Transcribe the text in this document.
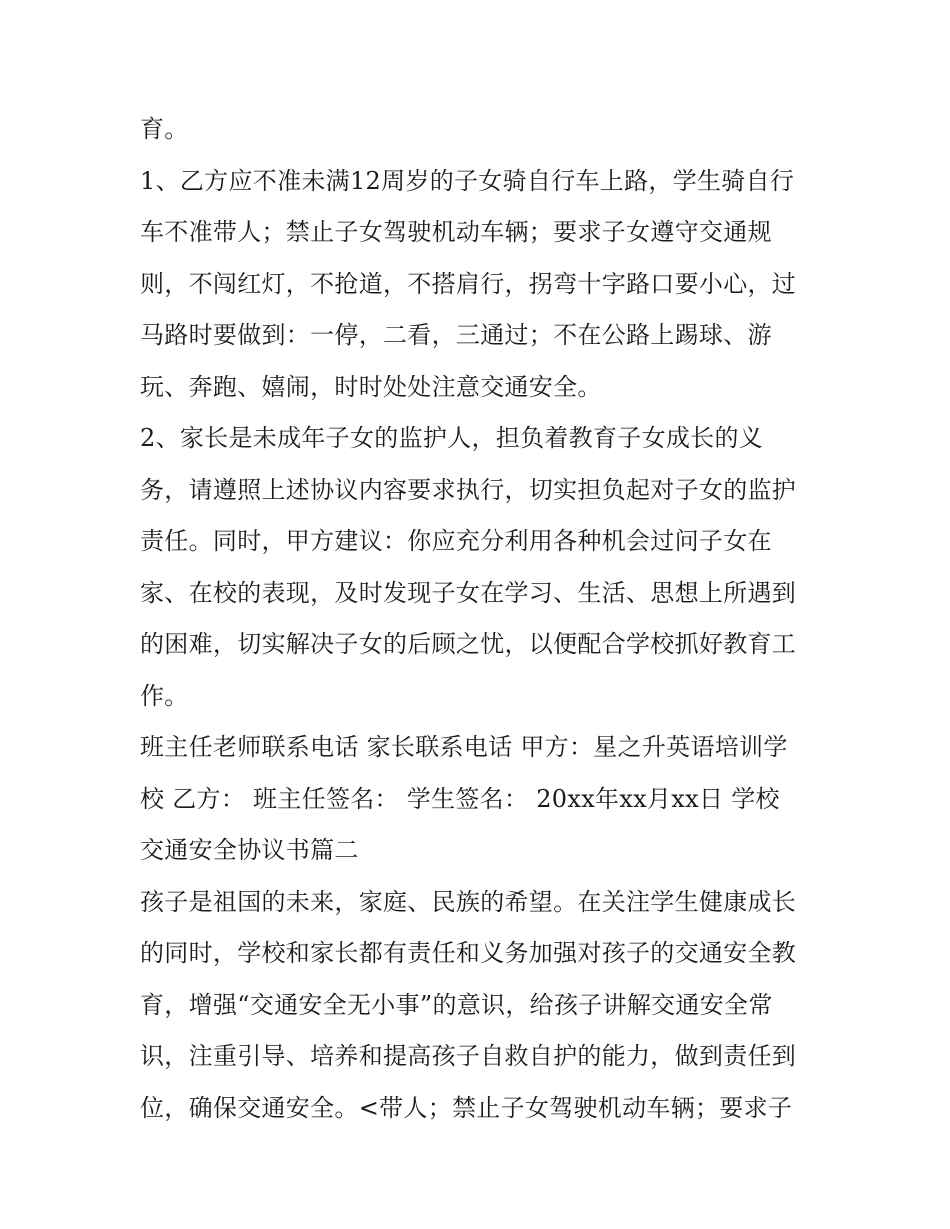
育。
1、乙方应不准未满12周岁的子女骑自行车上路，学生骑自行
车不准带人；禁止子女驾驶机动车辆；要求子女遵守交通规
则，不闯红灯，不抢道，不搭肩行，拐弯十字路口要小心，过
马路时要做到：一停，二看，三通过；不在公路上踢球、游
玩、奔跑、嬉闹，时时处处注意交通安全。
2、家长是未成年子女的监护人，担负着教育子女成长的义
务，请遵照上述协议内容要求执行，切实担负起对子女的监护
责任。同时，甲方建议：你应充分利用各种机会过问子女在
家、在校的表现，及时发现子女在学习、生活、思想上所遇到
的困难，切实解决子女的后顾之忧，以便配合学校抓好教育工
作。
班主任老师联系电话 家长联系电话 甲方：星之升英语培训学
校 乙方： 班主任签名： 学生签名： 20xx年xx月xx日 学校
交通安全协议书篇二
孩子是祖国的未来，家庭、民族的希望。在关注学生健康成长
的同时，学校和家长都有责任和义务加强对孩子的交通安全教
育，增强“交通安全无小事”的意识，给孩子讲解交通安全常
识，注重引导、培养和提高孩子自救自护的能力，做到责任到
位，确保交通安全。<带人；禁止子女驾驶机动车辆；要求子
